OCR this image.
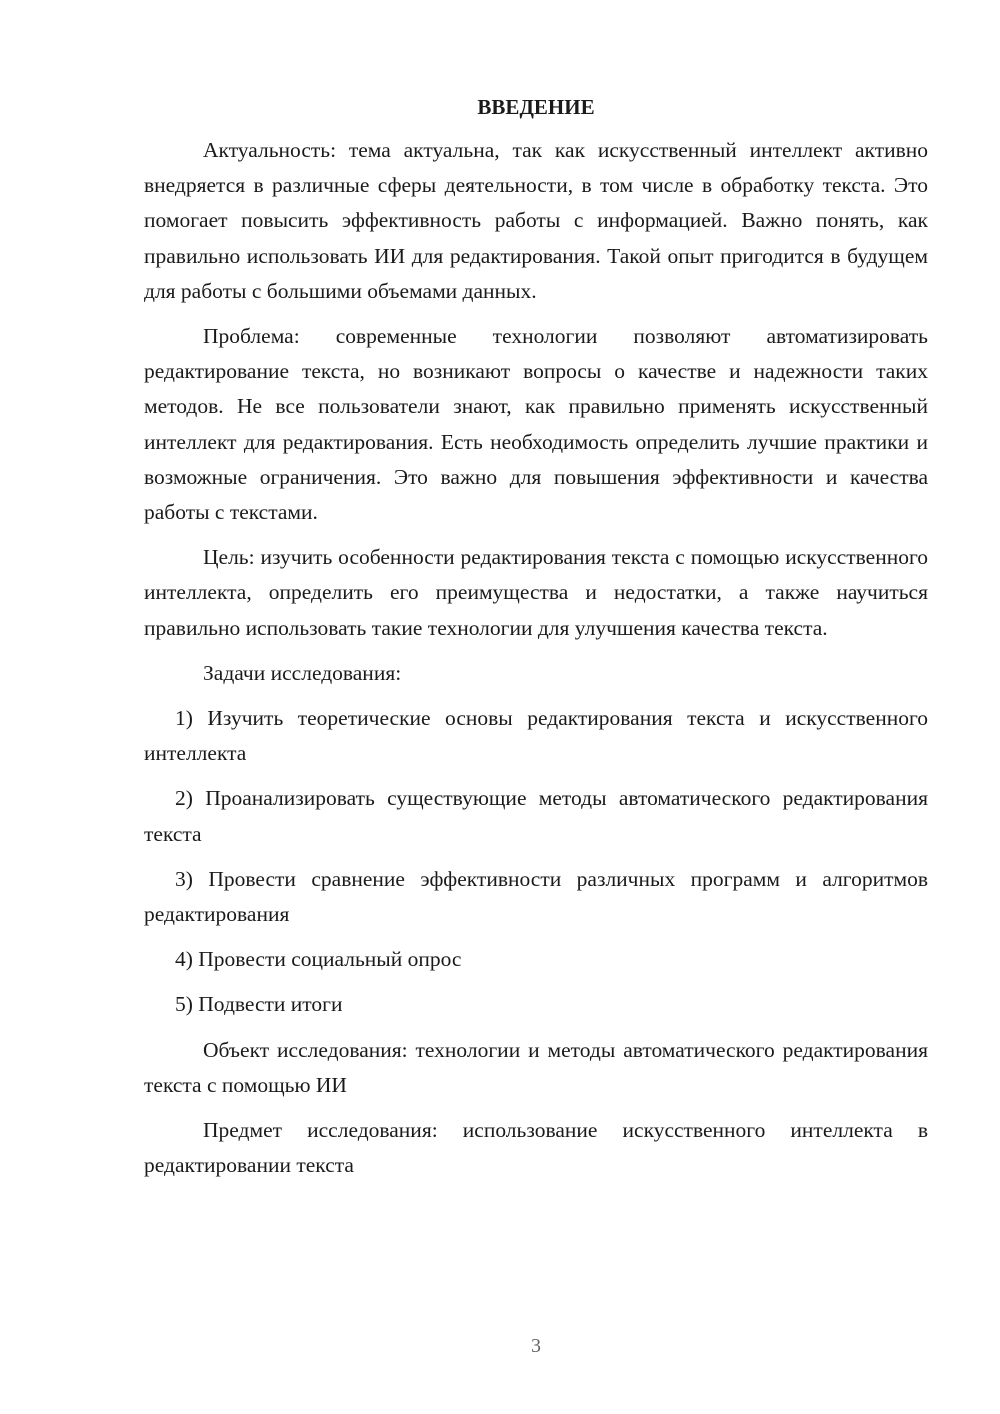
ВВЕДЕНИЕ

Актуальность: тема актуальна, так как искусственный интеллект активно внедряется в различные сферы деятельности, в том числе в обработку текста. Это помогает повысить эффективность работы с информацией. Важно понять, как правильно использовать ИИ для редактирования. Такой опыт пригодится в будущем для работы с большими объемами данных.

Проблема: современные технологии позволяют автоматизировать редактирование текста, но возникают вопросы о качестве и надежности таких методов. Не все пользователи знают, как правильно применять искусственный интеллект для редактирования. Есть необходимость определить лучшие практики и возможные ограничения. Это важно для повышения эффективности и качества работы с текстами.

Цель: изучить особенности редактирования текста с помощью искусственного интеллекта, определить его преимущества и недостатки, а также научиться правильно использовать такие технологии для улучшения качества текста.

Задачи исследования:

1) Изучить теоретические основы редактирования текста и искусственного интеллекта

2) Проанализировать существующие методы автоматического редактирования текста

3) Провести сравнение эффективности различных программ и алгоритмов редактирования

4) Провести социальный опрос

5) Подвести итоги

Объект исследования: технологии и методы автоматического редактирования текста с помощью ИИ

Предмет исследования: использование искусственного интеллекта в редактировании текста

3
